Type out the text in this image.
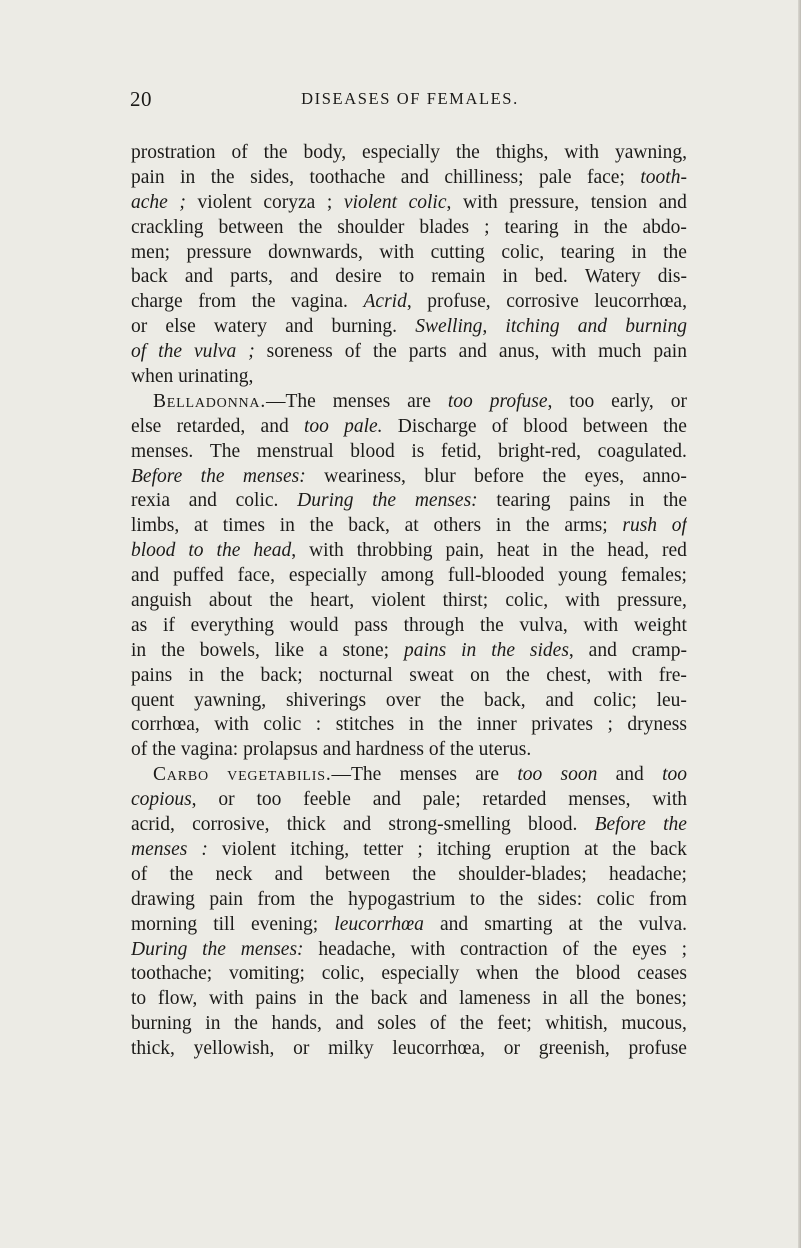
20	DISEASES OF FEMALES.
prostration of the body, especially the thighs, with yawning,
pain in the sides, toothache and chilliness; pale face; tooth-
ache ; violent coryza ; violent colic, with pressure, tension and
crackling between the shoulder blades ; tearing in the abdo-
men; pressure downwards, with cutting colic, tearing in the
back and parts, and desire to remain in bed. Watery dis-
charge from the vagina. Acrid, profuse, corrosive leucorrhœa,
or else watery and burning. Swelling, itching and burning
of the vulva ; soreness of the parts and anus, with much pain
when urinating,
Belladonna.—The menses are too profuse, too early, or
else retarded, and too pale. Discharge of blood between the
menses. The menstrual blood is fetid, bright-red, coagulated.
Before the menses: weariness, blur before the eyes, anno-
rexia and colic. During the menses: tearing pains in the
limbs, at times in the back, at others in the arms; rush of
blood to the head, with throbbing pain, heat in the head, red
and puffed face, especially among full-blooded young females;
anguish about the heart, violent thirst; colic, with pressure,
as if everything would pass through the vulva, with weight
in the bowels, like a stone; pains in the sides, and cramp-
pains in the back; nocturnal sweat on the chest, with fre-
quent yawning, shiverings over the back, and colic; leu-
corrhœa, with colic : stitches in the inner privates ; dryness
of the vagina: prolapsus and hardness of the uterus.
Carbo vegetabilis.—The menses are too soon and too
copious, or too feeble and pale; retarded menses, with
acrid, corrosive, thick and strong-smelling blood. Before the
menses : violent itching, tetter ; itching eruption at the back
of the neck and between the shoulder-blades; headache;
drawing pain from the hypogastrium to the sides: colic from
morning till evening; leucorrhœa and smarting at the vulva.
During the menses: headache, with contraction of the eyes ;
toothache; vomiting; colic, especially when the blood ceases
to flow, with pains in the back and lameness in all the bones;
burning in the hands, and soles of the feet; whitish, mucous,
thick, yellowish, or milky leucorrhœa, or greenish, profuse
